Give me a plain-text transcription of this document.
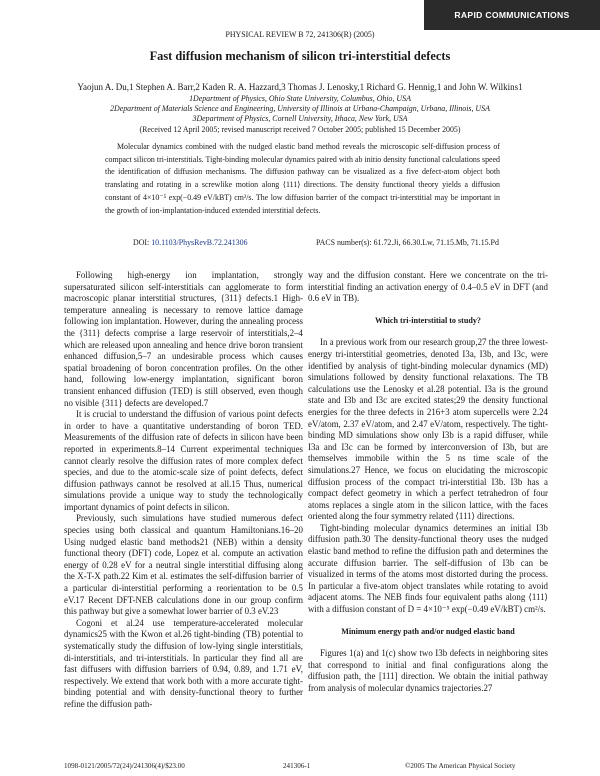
RAPID COMMUNICATIONS
PHYSICAL REVIEW B 72, 241306(R) (2005)
Fast diffusion mechanism of silicon tri-interstitial defects
Yaojun A. Du,1 Stephen A. Barr,2 Kaden R. A. Hazzard,3 Thomas J. Lenosky,1 Richard G. Hennig,1 and John W. Wilkins1
1Department of Physics, Ohio State University, Columbus, Ohio, USA
2Department of Materials Science and Engineering, University of Illinois at Urbana-Champaign, Urbana, Illinois, USA
3Department of Physics, Cornell University, Ithaca, New York, USA
(Received 12 April 2005; revised manuscript received 7 October 2005; published 15 December 2005)
Molecular dynamics combined with the nudged elastic band method reveals the microscopic self-diffusion process of compact silicon tri-interstitials. Tight-binding molecular dynamics paired with ab initio density functional calculations speed the identification of diffusion mechanisms. The diffusion pathway can be visualized as a five defect-atom object both translating and rotating in a screwlike motion along ⟨111⟩ directions. The density functional theory yields a diffusion constant of 4×10⁻⁵ exp(−0.49 eV/kBT) cm²/s. The low diffusion barrier of the compact tri-interstitial may be important in the growth of ion-implantation-induced extended interstitial defects.
DOI: 10.1103/PhysRevB.72.241306	PACS number(s): 61.72.Ji, 66.30.Lw, 71.15.Mb, 71.15.Pd

Following high-energy ion implantation, strongly supersaturated silicon self-interstitials can agglomerate to form macroscopic planar interstitial structures, {311} defects.1 High-temperature annealing is necessary to remove lattice damage following ion implantation. However, during the annealing process the {311} defects comprise a large reservoir of interstitials,2–4 which are released upon annealing and hence drive boron transient enhanced diffusion,5–7 an undesirable process which causes spatial broadening of boron concentration profiles. On the other hand, following low-energy implantation, significant boron transient enhanced diffusion (TED) is still observed, even though no visible {311} defects are developed.7

It is crucial to understand the diffusion of various point defects in order to have a quantitative understanding of boron TED. Measurements of the diffusion rate of defects in silicon have been reported in experiments.8–14 Current experimental techniques cannot clearly resolve the diffusion rates of more complex defect species, and due to the atomic-scale size of point defects, defect diffusion pathways cannot be resolved at all.15 Thus, numerical simulations provide a unique way to study the technologically important dynamics of point defects in silicon.

Previously, such simulations have studied numerous defect species using both classical and quantum Hamiltonians.16–20 Using nudged elastic band methods21 (NEB) within a density functional theory (DFT) code, Lopez et al. compute an activation energy of 0.28 eV for a neutral single interstitial diffusing along the X-T-X path.22 Kim et al. estimates the self-diffusion barrier of a particular di-interstitial performing a reorientation to be 0.5 eV.17 Recent DFT-NEB calculations done in our group confirm this pathway but give a somewhat lower barrier of 0.3 eV.23

Cogoni et al.24 use temperature-accelerated molecular dynamics25 with the Kwon et al.26 tight-binding (TB) potential to systematically study the diffusion of low-lying single interstitials, di-interstitials, and tri-interstitials. In particular they find all are fast diffusers with diffusion barriers of 0.94, 0.89, and 1.71 eV, respectively. We extend that work both with a more accurate tight-binding potential and with density-functional theory to further refine the diffusion path-

way and the diffusion constant. Here we concentrate on the tri-interstitial finding an activation energy of 0.4–0.5 eV in DFT (and 0.6 eV in TB).

Which tri-interstitial to study?

In a previous work from our research group,27 the three lowest-energy tri-interstitial geometries, denoted I3a, I3b, and I3c, were identified by analysis of tight-binding molecular dynamics (MD) simulations followed by density functional relaxations. The TB calculations use the Lenosky et al.28 potential. I3a is the ground state and I3b and I3c are excited states;29 the density functional energies for the three defects in 216+3 atom supercells were 2.24 eV/atom, 2.37 eV/atom, and 2.47 eV/atom, respectively. The tight-binding MD simulations show only I3b is a rapid diffuser, while I3a and I3c can be formed by interconversion of I3b, but are themselves immobile within the 5 ns time scale of the simulations.27 Hence, we focus on elucidating the microscopic diffusion process of the compact tri-interstitial I3b. I3b has a compact defect geometry in which a perfect tetrahedron of four atoms replaces a single atom in the silicon lattice, with the faces oriented along the four symmetry related ⟨111⟩ directions.

Tight-binding molecular dynamics determines an initial I3b diffusion path.30 The density-functional theory uses the nudged elastic band method to refine the diffusion path and determines the accurate diffusion barrier. The self-diffusion of I3b can be visualized in terms of the atoms most distorted during the process. In particular a five-atom object translates while rotating to avoid adjacent atoms. The NEB finds four equivalent paths along ⟨111⟩ with a diffusion constant of D = 4×10⁻⁵ exp(−0.49 eV/kBT) cm²/s.

Minimum energy path and/or nudged elastic band

Figures 1(a) and 1(c) show two I3b defects in neighboring sites that correspond to initial and final configurations along the diffusion path, the [111] direction. We obtain the initial pathway from analysis of molecular dynamics trajectories.27

1098-0121/2005/72(24)/241306(4)/$23.00	241306-1	©2005 The American Physical Society
